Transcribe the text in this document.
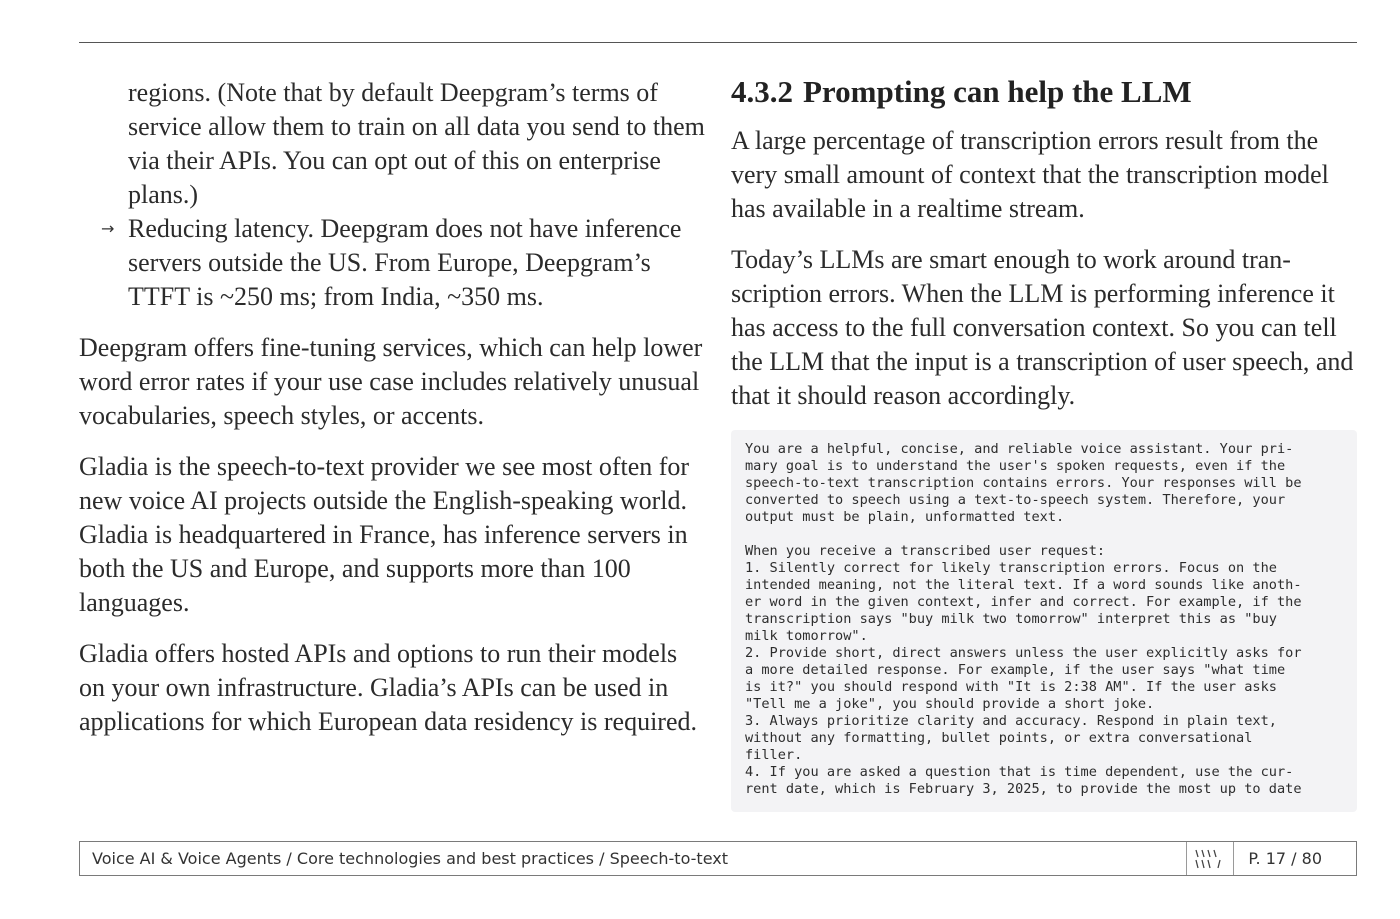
regions. (Note that by default Deepgram’s terms of service allow them to train on all data you send to them via their APIs. You can opt out of this on enterprise plans.)

→ Reducing latency. Deepgram does not have inference servers outside the US. From Europe, Deepgram’s TTFT is ~250 ms; from India, ~350 ms.

Deepgram offers fine-tuning services, which can help lower word error rates if your use case includes relatively unusual vocabularies, speech styles, or accents.

Gladia is the speech-to-text provider we see most often for new voice AI projects outside the English-speaking world. Gladia is headquartered in France, has inference servers in both the US and Europe, and supports more than 100 languages.

Gladia offers hosted APIs and options to run their models on your own infrastructure. Gladia’s APIs can be used in applications for which European data residency is required.

4.3.2 Prompting can help the LLM

A large percentage of transcription errors result from the very small amount of context that the transcription model has available in a realtime stream.

Today’s LLMs are smart enough to work around transcription errors. When the LLM is performing inference it has access to the full conversation context. So you can tell the LLM that the input is a transcription of user speech, and that it should reason accordingly.

You are a helpful, concise, and reliable voice assistant. Your pri-
mary goal is to understand the user's spoken requests, even if the
speech-to-text transcription contains errors. Your responses will be
converted to speech using a text-to-speech system. Therefore, your
output must be plain, unformatted text.

When you receive a transcribed user request:
1. Silently correct for likely transcription errors. Focus on the
intended meaning, not the literal text. If a word sounds like anoth-
er word in the given context, infer and correct. For example, if the
transcription says "buy milk two tomorrow" interpret this as "buy
milk tomorrow".
2. Provide short, direct answers unless the user explicitly asks for
a more detailed response. For example, if the user says "what time
is it?" you should respond with "It is 2:38 AM". If the user asks
"Tell me a joke", you should provide a short joke.
3. Always prioritize clarity and accuracy. Respond in plain text,
without any formatting, bullet points, or extra conversational
filler.
4. If you are asked a question that is time dependent, use the cur-
rent date, which is February 3, 2025, to provide the most up to date
Voice AI & Voice Agents / Core technologies and best practices / Speech-to-text	P. 17 / 80
